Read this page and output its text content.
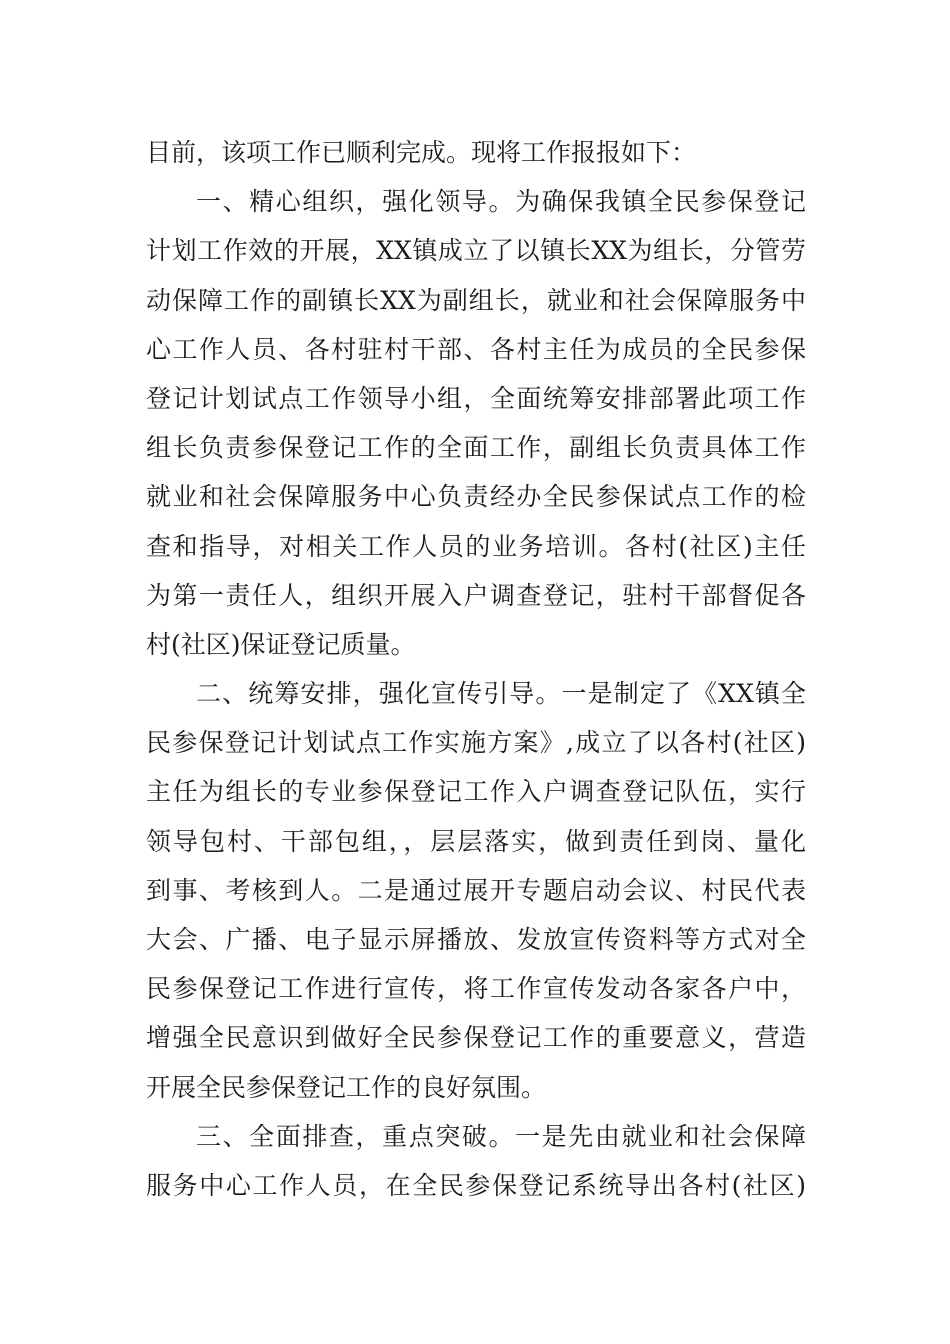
目前，该项工作已顺利完成。现将工作报报如下：
一、精心组织，强化领导。为确保我镇全民参保登记
计划工作效的开展，XX镇成立了以镇长XX为组长，分管劳
动保障工作的副镇长XX为副组长，就业和社会保障服务中
心工作人员、各村驻村干部、各村主任为成员的全民参保
登记计划试点工作领导小组，全面统筹安排部署此项工作
组长负责参保登记工作的全面工作，副组长负责具体工作
就业和社会保障服务中心负责经办全民参保试点工作的检
查和指导，对相关工作人员的业务培训。各村(社区)主任
为第一责任人，组织开展入户调查登记，驻村干部督促各
村(社区)保证登记质量。
二、统筹安排，强化宣传引导。一是制定了《XX镇全
民参保登记计划试点工作实施方案》,成立了以各村(社区)
主任为组长的专业参保登记工作入户调查登记队伍，实行
领导包村、干部包组，，层层落实，做到责任到岗、量化
到事、考核到人。二是通过展开专题启动会议、村民代表
大会、广播、电子显示屏播放、发放宣传资料等方式对全
民参保登记工作进行宣传，将工作宣传发动各家各户中，
增强全民意识到做好全民参保登记工作的重要意义，营造
开展全民参保登记工作的良好氛围。
三、全面排查，重点突破。一是先由就业和社会保障
服务中心工作人员，在全民参保登记系统导出各村(社区)
